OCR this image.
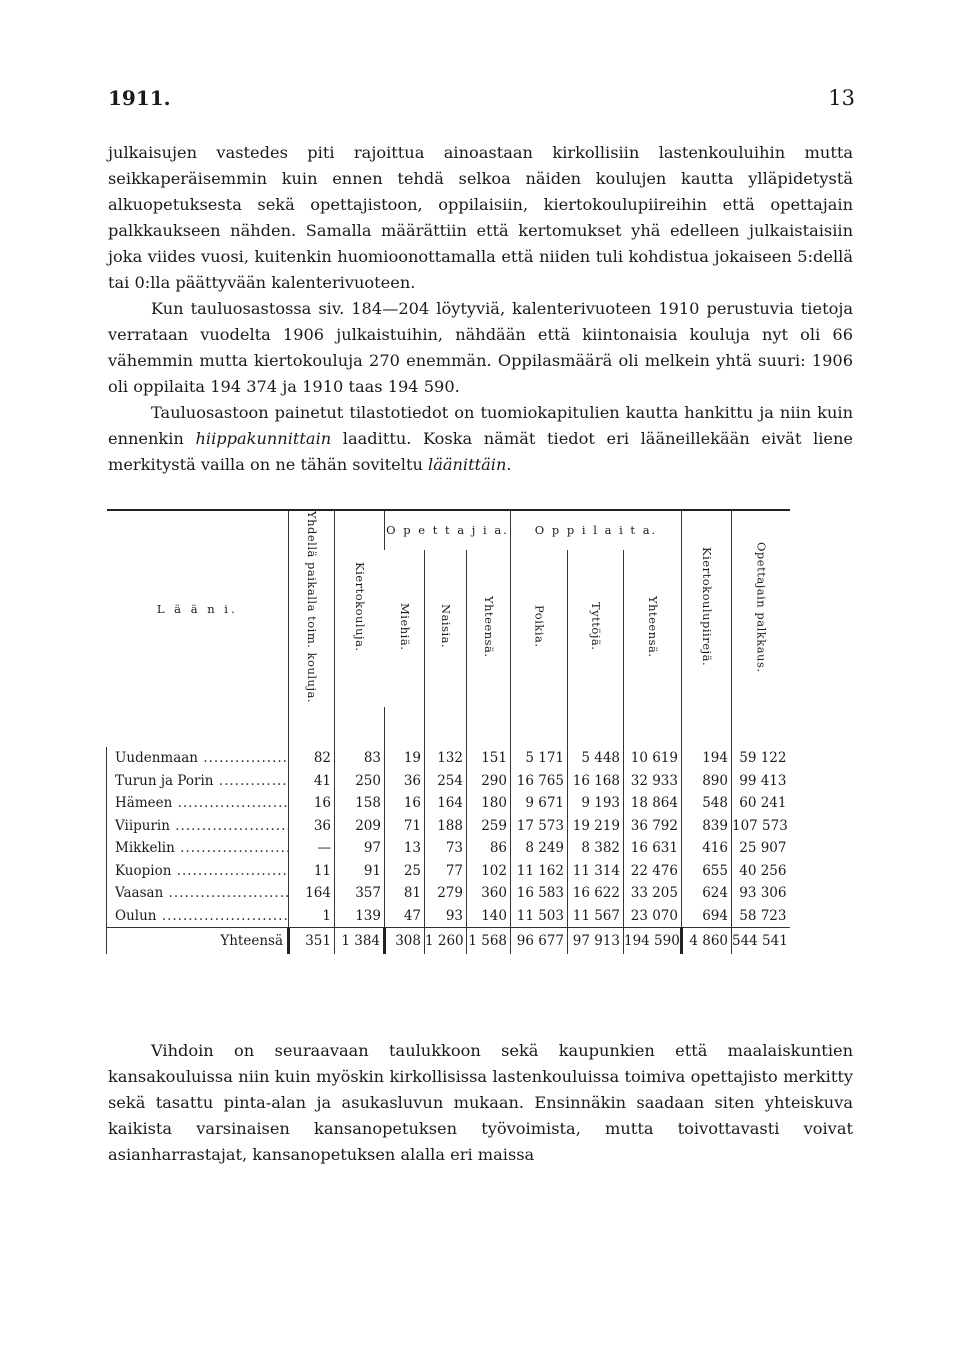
1911.	13

julkaisujen vastedes piti rajoittua ainoastaan kirkollisiin lastenkouluihin mutta seikkaperäisemmin kuin ennen tehdä selkoa näiden koulujen kautta ylläpidetystä alkuopetuksesta sekä opettajistoon, oppilaisiin, kiertokoulupiireihin että opettajain palkkaukseen nähden. Samalla määrättiin että kertomukset yhä edelleen julkaistaisiin joka viides vuosi, kuitenkin huomioonottamalla että niiden tuli kohdistua jokaiseen 5:dellä tai 0:lla päättyvään kalenterivuoteen.

Kun tauluosastossa siv. 184—204 löytyviä, kalenterivuoteen 1910 perustuvia tietoja verrataan vuodelta 1906 julkaistuihin, nähdään että kiintonaisia kouluja nyt oli 66 vähemmin mutta kiertokouluja 270 enemmän. Oppilasmäärä oli melkein yhtä suuri: 1906 oli oppilaita 194 374 ja 1910 taas 194 590.

Tauluosastoon painetut tilastotiedot on tuomiokapitulien kautta hankittu ja niin kuin ennenkin hiippakunnittain laadittu. Koska nämät tiedot eri lääneillekään eivät liene merkitystä vailla on ne tähän soviteltu läänittäin.

L ä ä n i.	Yhdellä paikalla toim. kouluja.	Kiertokouluja.	O p e t t a j i a.			O p p i l a i t a.			Kiertokoulupiirejä.	Opettajain palkkaus.
			Miehiä.	Naisia.	Yhteensä.	Poikia.	Tyttöjä.	Yhteensä.		

Uudenmaan .....	82	83	19	132	151	5 171	5 448	10 619	194	59 122
Turun ja Porin .....	41	250	36	254	290	16 765	16 168	32 933	890	99 413
Hämeen .....	16	158	16	164	180	9 671	9 193	18 864	548	60 241
Viipurin .....	36	209	71	188	259	17 573	19 219	36 792	839	107 573
Mikkelin .....	—	97	13	73	86	8 249	8 382	16 631	416	25 907
Kuopion .....	11	91	25	77	102	11 162	11 314	22 476	655	40 256
Vaasan .....	164	357	81	279	360	16 583	16 622	33 205	624	93 306
Oulun .....	1	139	47	93	140	11 503	11 567	23 070	694	58 723
Yhteensä	351	1 384	308	1 260	1 568	96 677	97 913	194 590	4 860	544 541

Vihdoin on seuraavaan taulukkoon sekä kaupunkien että maalaiskuntien kansakouluissa niin kuin myöskin kirkollisissa lastenkouluissa toimiva opettajisto merkitty sekä tasattu pinta-alan ja asukasluvun mukaan. Ensinnäkin saadaan siten yhteiskuva kaikista varsinaisen kansanopetuksen työvoimista, mutta toivottavasti voivat asianharrastajat, kansanopetuksen alalla eri maissa
